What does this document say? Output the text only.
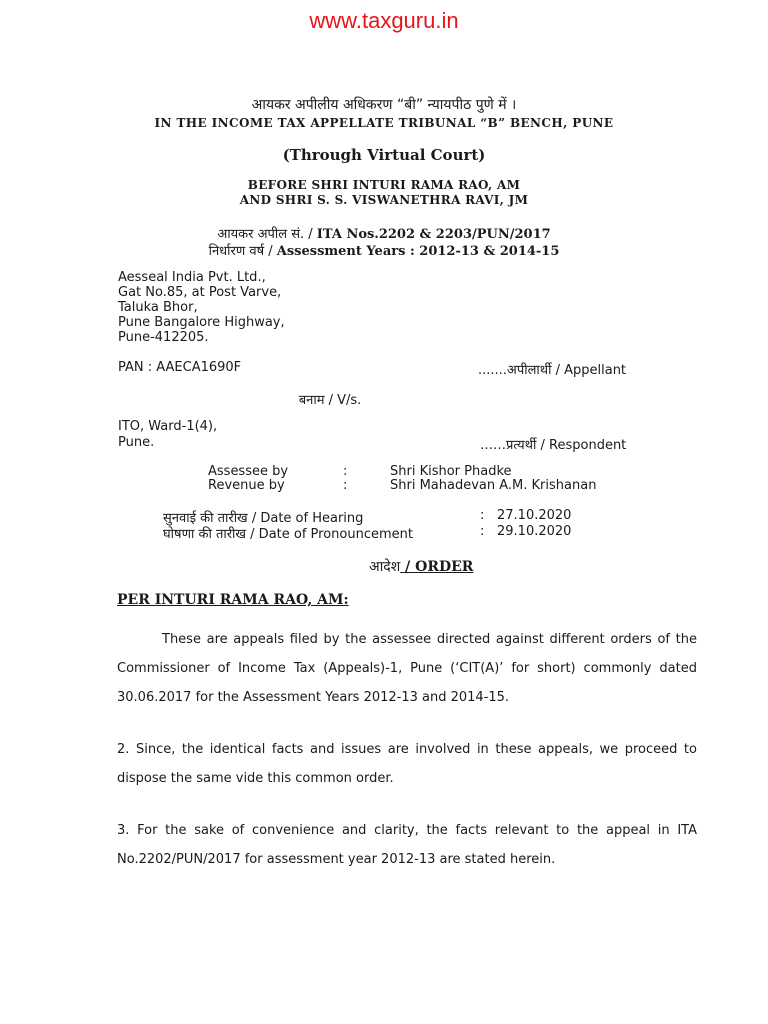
www.taxguru.in
आयकर अपीलीय अधिकरण “बी” न्यायपीठ पुणे में ।
IN THE INCOME TAX APPELLATE TRIBUNAL “B” BENCH, PUNE
(Through Virtual Court)
BEFORE SHRI INTURI RAMA RAO, AM
AND SHRI S. S. VISWANETHRA RAVI, JM
आयकर अपील सं. / ITA Nos.2202 & 2203/PUN/2017
निर्धारण वर्ष / Assessment Years : 2012-13 & 2014-15
Aesseal India Pvt. Ltd.,
Gat No.85, at Post Varve,
Taluka Bhor,
Pune Bangalore Highway,
Pune-412205.
PAN : AAECA1690F	.......अपीलार्थी / Appellant
बनाम / V/s.
ITO, Ward-1(4),
Pune.	……प्रत्यर्थी / Respondent
Assessee by	:	Shri Kishor Phadke
Revenue by	:	Shri Mahadevan A.M. Krishanan
सुनवाई की तारीख / Date of Hearing	: 27.10.2020
घोषणा की तारीख / Date of Pronouncement	: 29.10.2020
आदेश / ORDER
PER INTURI RAMA RAO, AM:
These are appeals filed by the assessee directed against different orders of the Commissioner of Income Tax (Appeals)-1, Pune (‘CIT(A)’ for short) commonly dated 30.06.2017 for the Assessment Years 2012-13 and 2014-15.
2. Since, the identical facts and issues are involved in these appeals, we proceed to dispose the same vide this common order.
3. For the sake of convenience and clarity, the facts relevant to the appeal in ITA No.2202/PUN/2017 for assessment year 2012-13 are stated herein.
